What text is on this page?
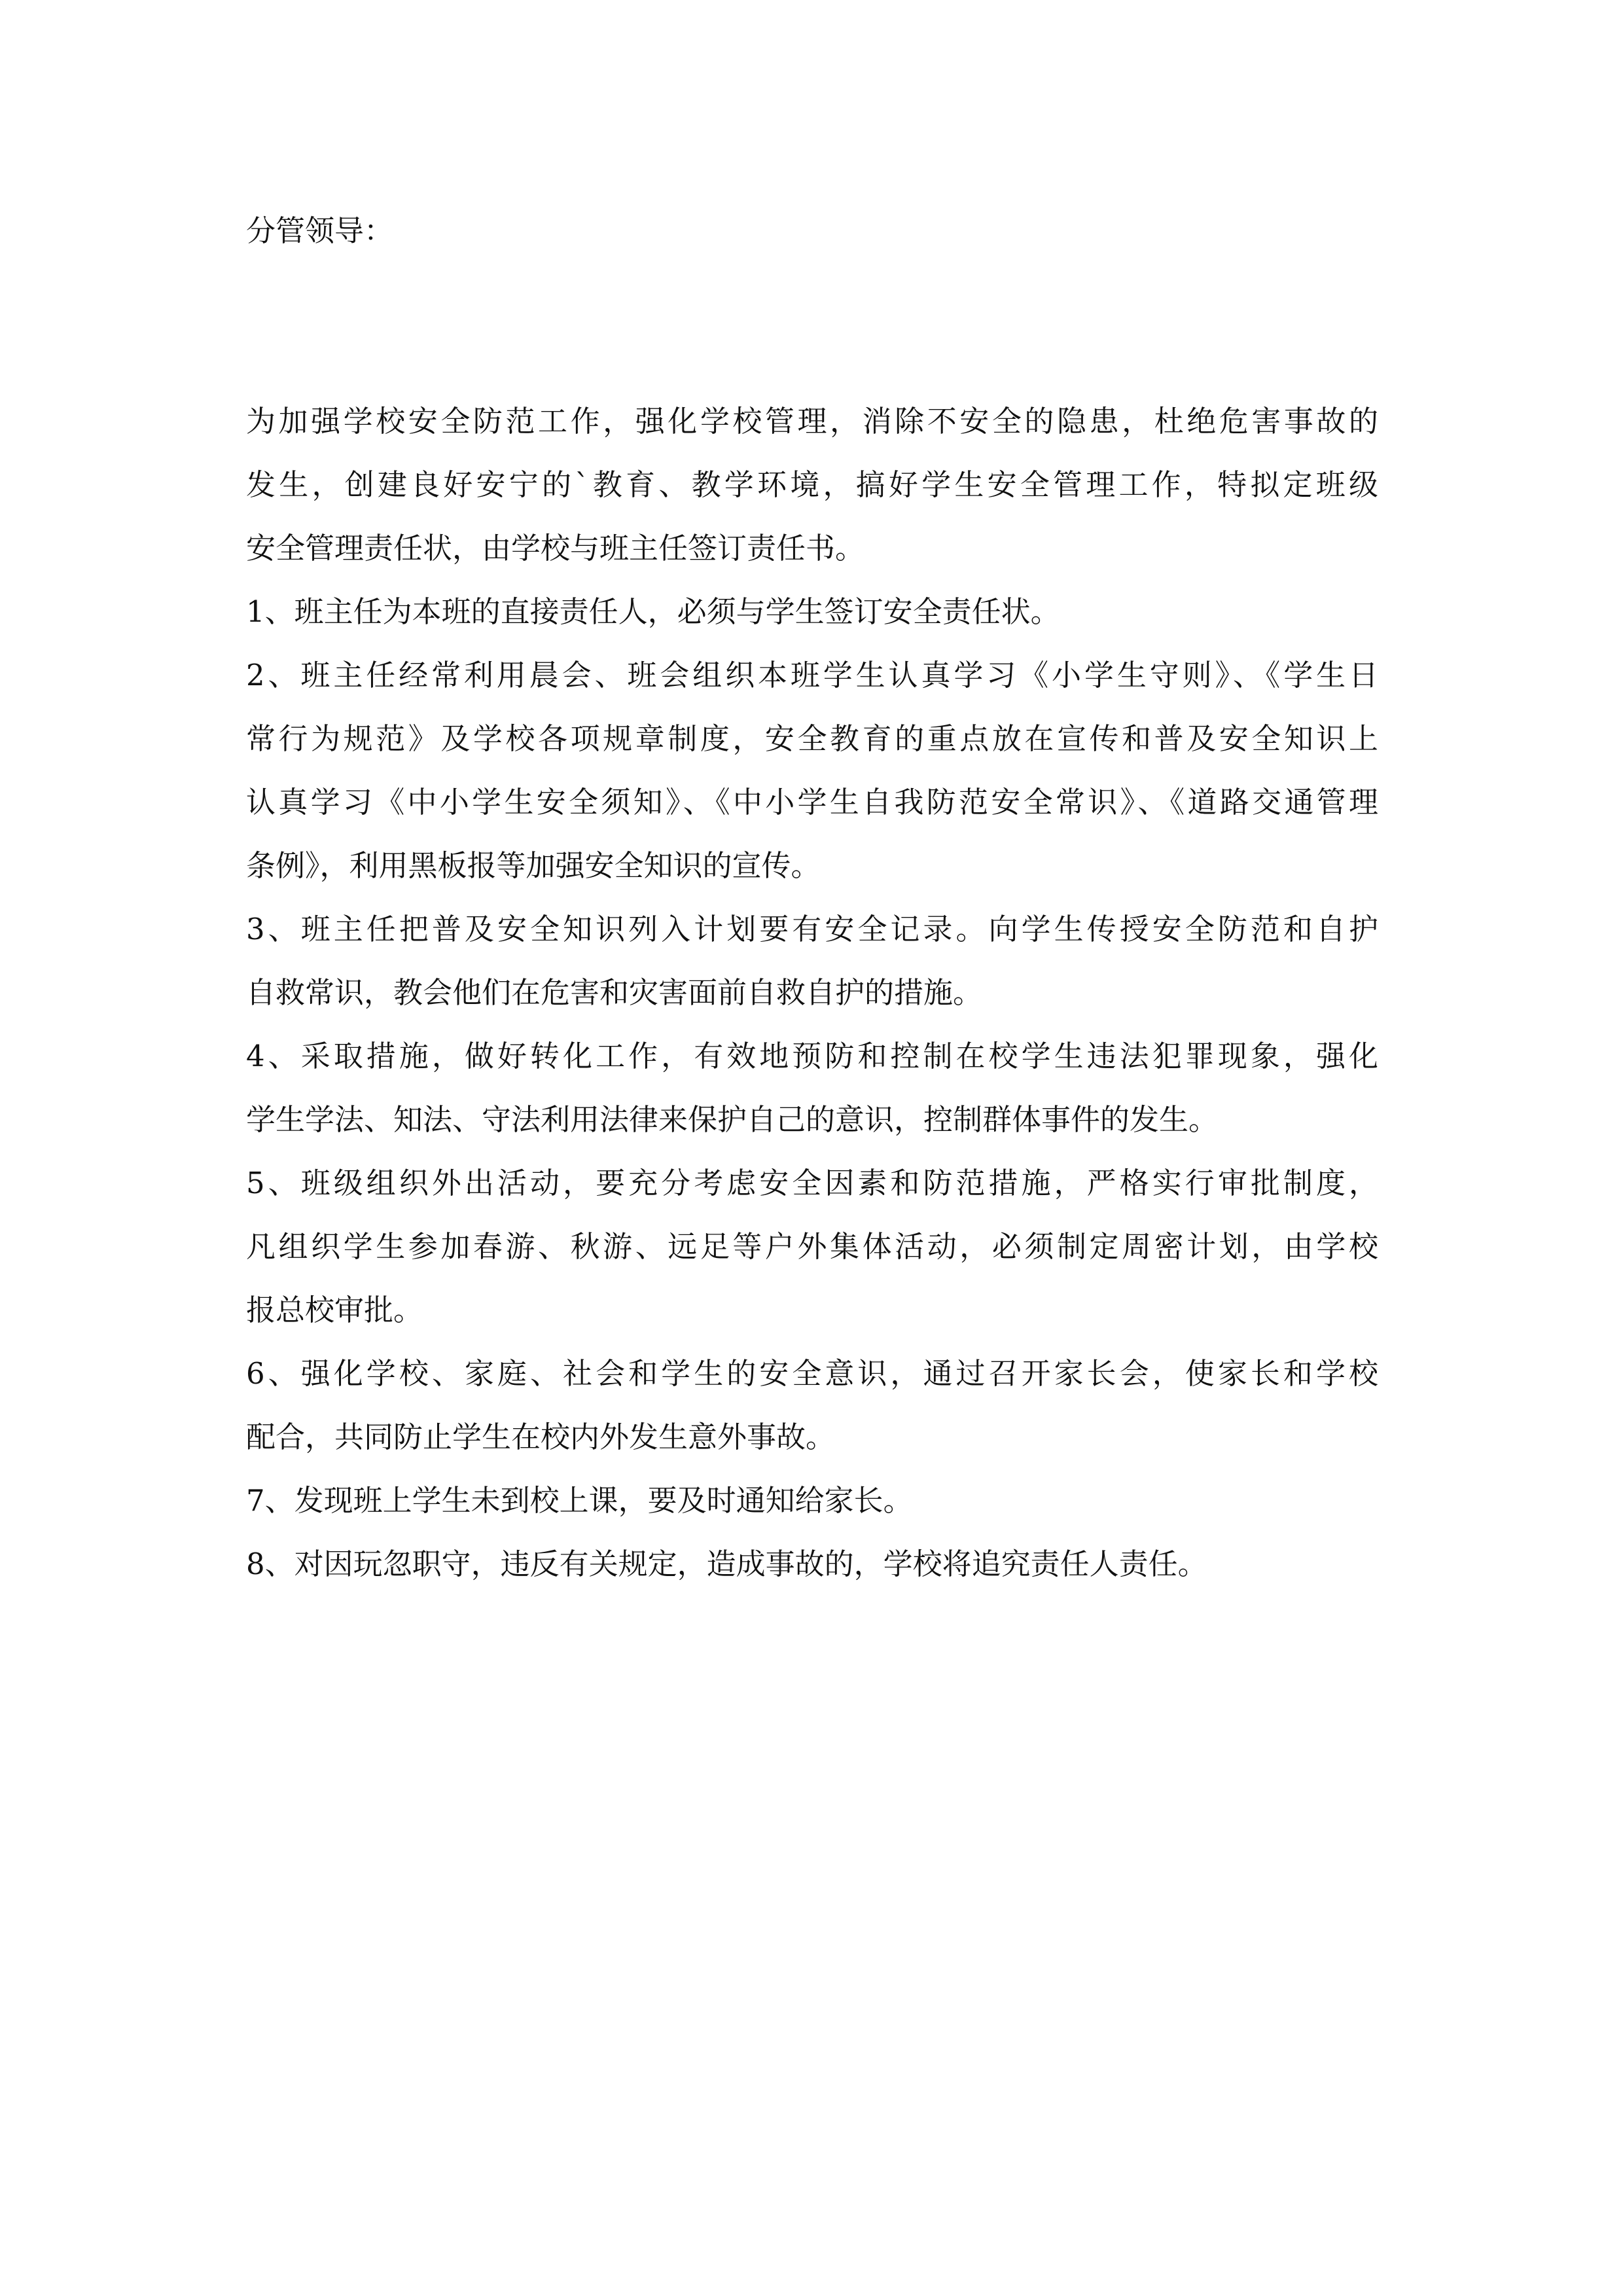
分管领导：
为加强学校安全防范工作，强化学校管理，消除不安全的隐患，杜绝危害事故的
发生，创建良好安宁的`教育、教学环境，搞好学生安全管理工作，特拟定班级
安全管理责任状，由学校与班主任签订责任书。
1、班主任为本班的直接责任人，必须与学生签订安全责任状。
2、班主任经常利用晨会、班会组织本班学生认真学习《小学生守则》、《学生日
常行为规范》及学校各项规章制度，安全教育的重点放在宣传和普及安全知识上
认真学习《中小学生安全须知》、《中小学生自我防范安全常识》、《道路交通管理
条例》，利用黑板报等加强安全知识的宣传。
3、班主任把普及安全知识列入计划要有安全记录。向学生传授安全防范和自护
自救常识，教会他们在危害和灾害面前自救自护的措施。
4、采取措施，做好转化工作，有效地预防和控制在校学生违法犯罪现象，强化
学生学法、知法、守法利用法律来保护自己的意识，控制群体事件的发生。
5、班级组织外出活动，要充分考虑安全因素和防范措施，严格实行审批制度，
凡组织学生参加春游、秋游、远足等户外集体活动，必须制定周密计划，由学校
报总校审批。
6、强化学校、家庭、社会和学生的安全意识，通过召开家长会，使家长和学校
配合，共同防止学生在校内外发生意外事故。
7、发现班上学生未到校上课，要及时通知给家长。
8、对因玩忽职守，违反有关规定，造成事故的，学校将追究责任人责任。
